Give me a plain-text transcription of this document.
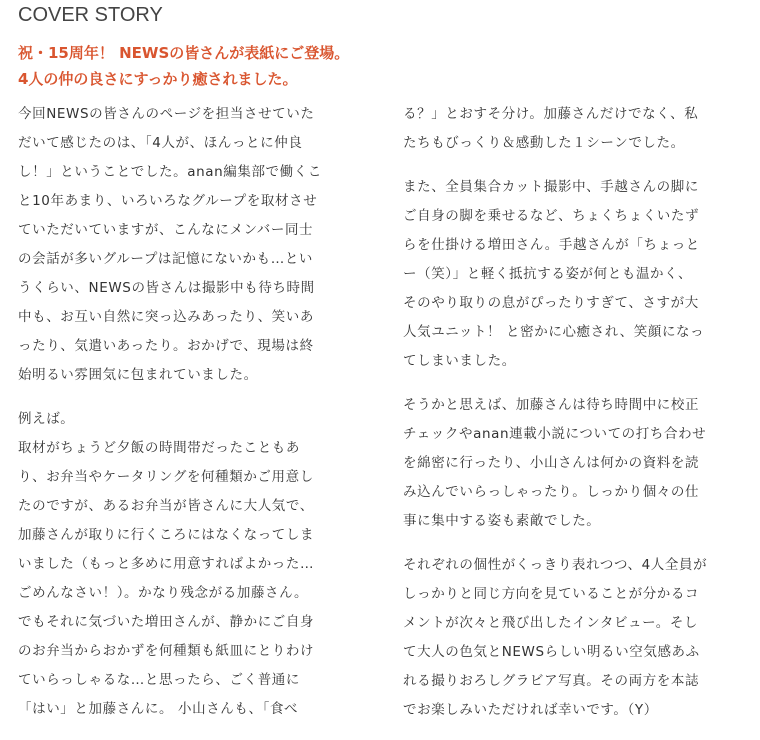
COVER STORY
祝・15周年！ NEWSの皆さんが表紙にご登場。
4人の仲の良さにすっかり癒されました。
今回NEWSの皆さんのページを担当させていた
だいて感じたのは、「4人が、ほんっとに仲良
し！」ということでした。anan編集部で働くこ
と10年あまり、いろいろなグループを取材させ
ていただいていますが、こんなにメンバー同士
の会話が多いグループは記憶にないかも…とい
うくらい、NEWSの皆さんは撮影中も待ち時間
中も、お互い自然に突っ込みあったり、笑いあ
ったり、気遣いあったり。おかげで、現場は終
始明るい雰囲気に包まれていました。
例えば。
取材がちょうど夕飯の時間帯だったこともあ
り、お弁当やケータリングを何種類かご用意し
たのですが、あるお弁当が皆さんに大人気で、
加藤さんが取りに行くころにはなくなってしま
いました（もっと多めに用意すればよかった…
ごめんなさい！）。かなり残念がる加藤さん。
でもそれに気づいた増田さんが、静かにご自身
のお弁当からおかずを何種類も紙皿にとりわけ
ていらっしゃるな…と思ったら、ごく普通に
「はい」と加藤さんに。 小山さんも、「食べ
る？」とおすそ分け。加藤さんだけでなく、私
たちもびっくり＆感動した１シーンでした。
また、全員集合カット撮影中、手越さんの脚に
ご自身の脚を乗せるなど、ちょくちょくいたず
らを仕掛ける増田さん。手越さんが「ちょっと
ー（笑）」と軽く抵抗する姿が何とも温かく、
そのやり取りの息がぴったりすぎて、さすが大
人気ユニット！ と密かに心癒され、笑顔になっ
てしまいました。
そうかと思えば、加藤さんは待ち時間中に校正
チェックやanan連載小説についての打ち合わせ
を綿密に行ったり、小山さんは何かの資料を読
み込んでいらっしゃったり。しっかり個々の仕
事に集中する姿も素敵でした。
それぞれの個性がくっきり表れつつ、4人全員が
しっかりと同じ方向を見ていることが分かるコ
メントが次々と飛び出したインタビュー。そし
て大人の色気とNEWSらしい明るい空気感あふ
れる撮りおろしグラビア写真。その両方を本誌
でお楽しみいただければ幸いです。（Y）
